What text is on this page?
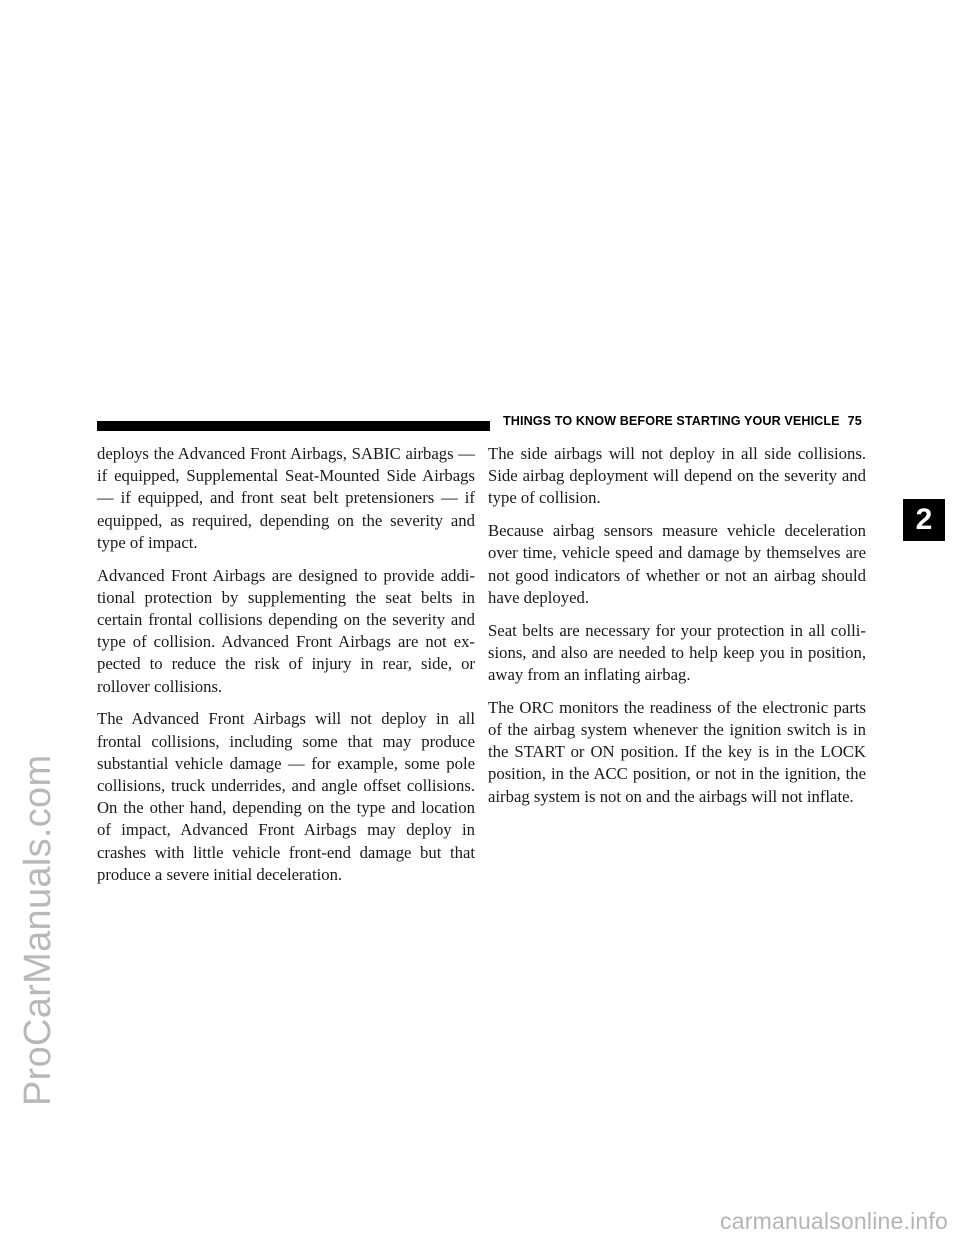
ProCarManuals.com
THINGS TO KNOW BEFORE STARTING YOUR VEHICLE 75
2

deploys the Advanced Front Airbags, SABIC airbags — if equipped, Supplemental Seat-Mounted Side Airbags — if equipped, and front seat belt pretensioners — if equipped, as required, depending on the severity and type of impact.

Advanced Front Airbags are designed to provide addi-tional protection by supplementing the seat belts in certain frontal collisions depending on the severity and type of collision. Advanced Front Airbags are not ex-pected to reduce the risk of injury in rear, side, or rollover collisions.

The Advanced Front Airbags will not deploy in all frontal collisions, including some that may produce substantial vehicle damage — for example, some pole collisions, truck underrides, and angle offset collisions. On the other hand, depending on the type and location of impact, Advanced Front Airbags may deploy in crashes with little vehicle front-end damage but that produce a severe initial deceleration.

The side airbags will not deploy in all side collisions. Side airbag deployment will depend on the severity and type of collision.

Because airbag sensors measure vehicle deceleration over time, vehicle speed and damage by themselves are not good indicators of whether or not an airbag should have deployed.

Seat belts are necessary for your protection in all colli-sions, and also are needed to help keep you in position, away from an inflating airbag.

The ORC monitors the readiness of the electronic parts of the airbag system whenever the ignition switch is in the START or ON position. If the key is in the LOCK position, in the ACC position, or not in the ignition, the airbag system is not on and the airbags will not inflate.

carmanualsonline.info
